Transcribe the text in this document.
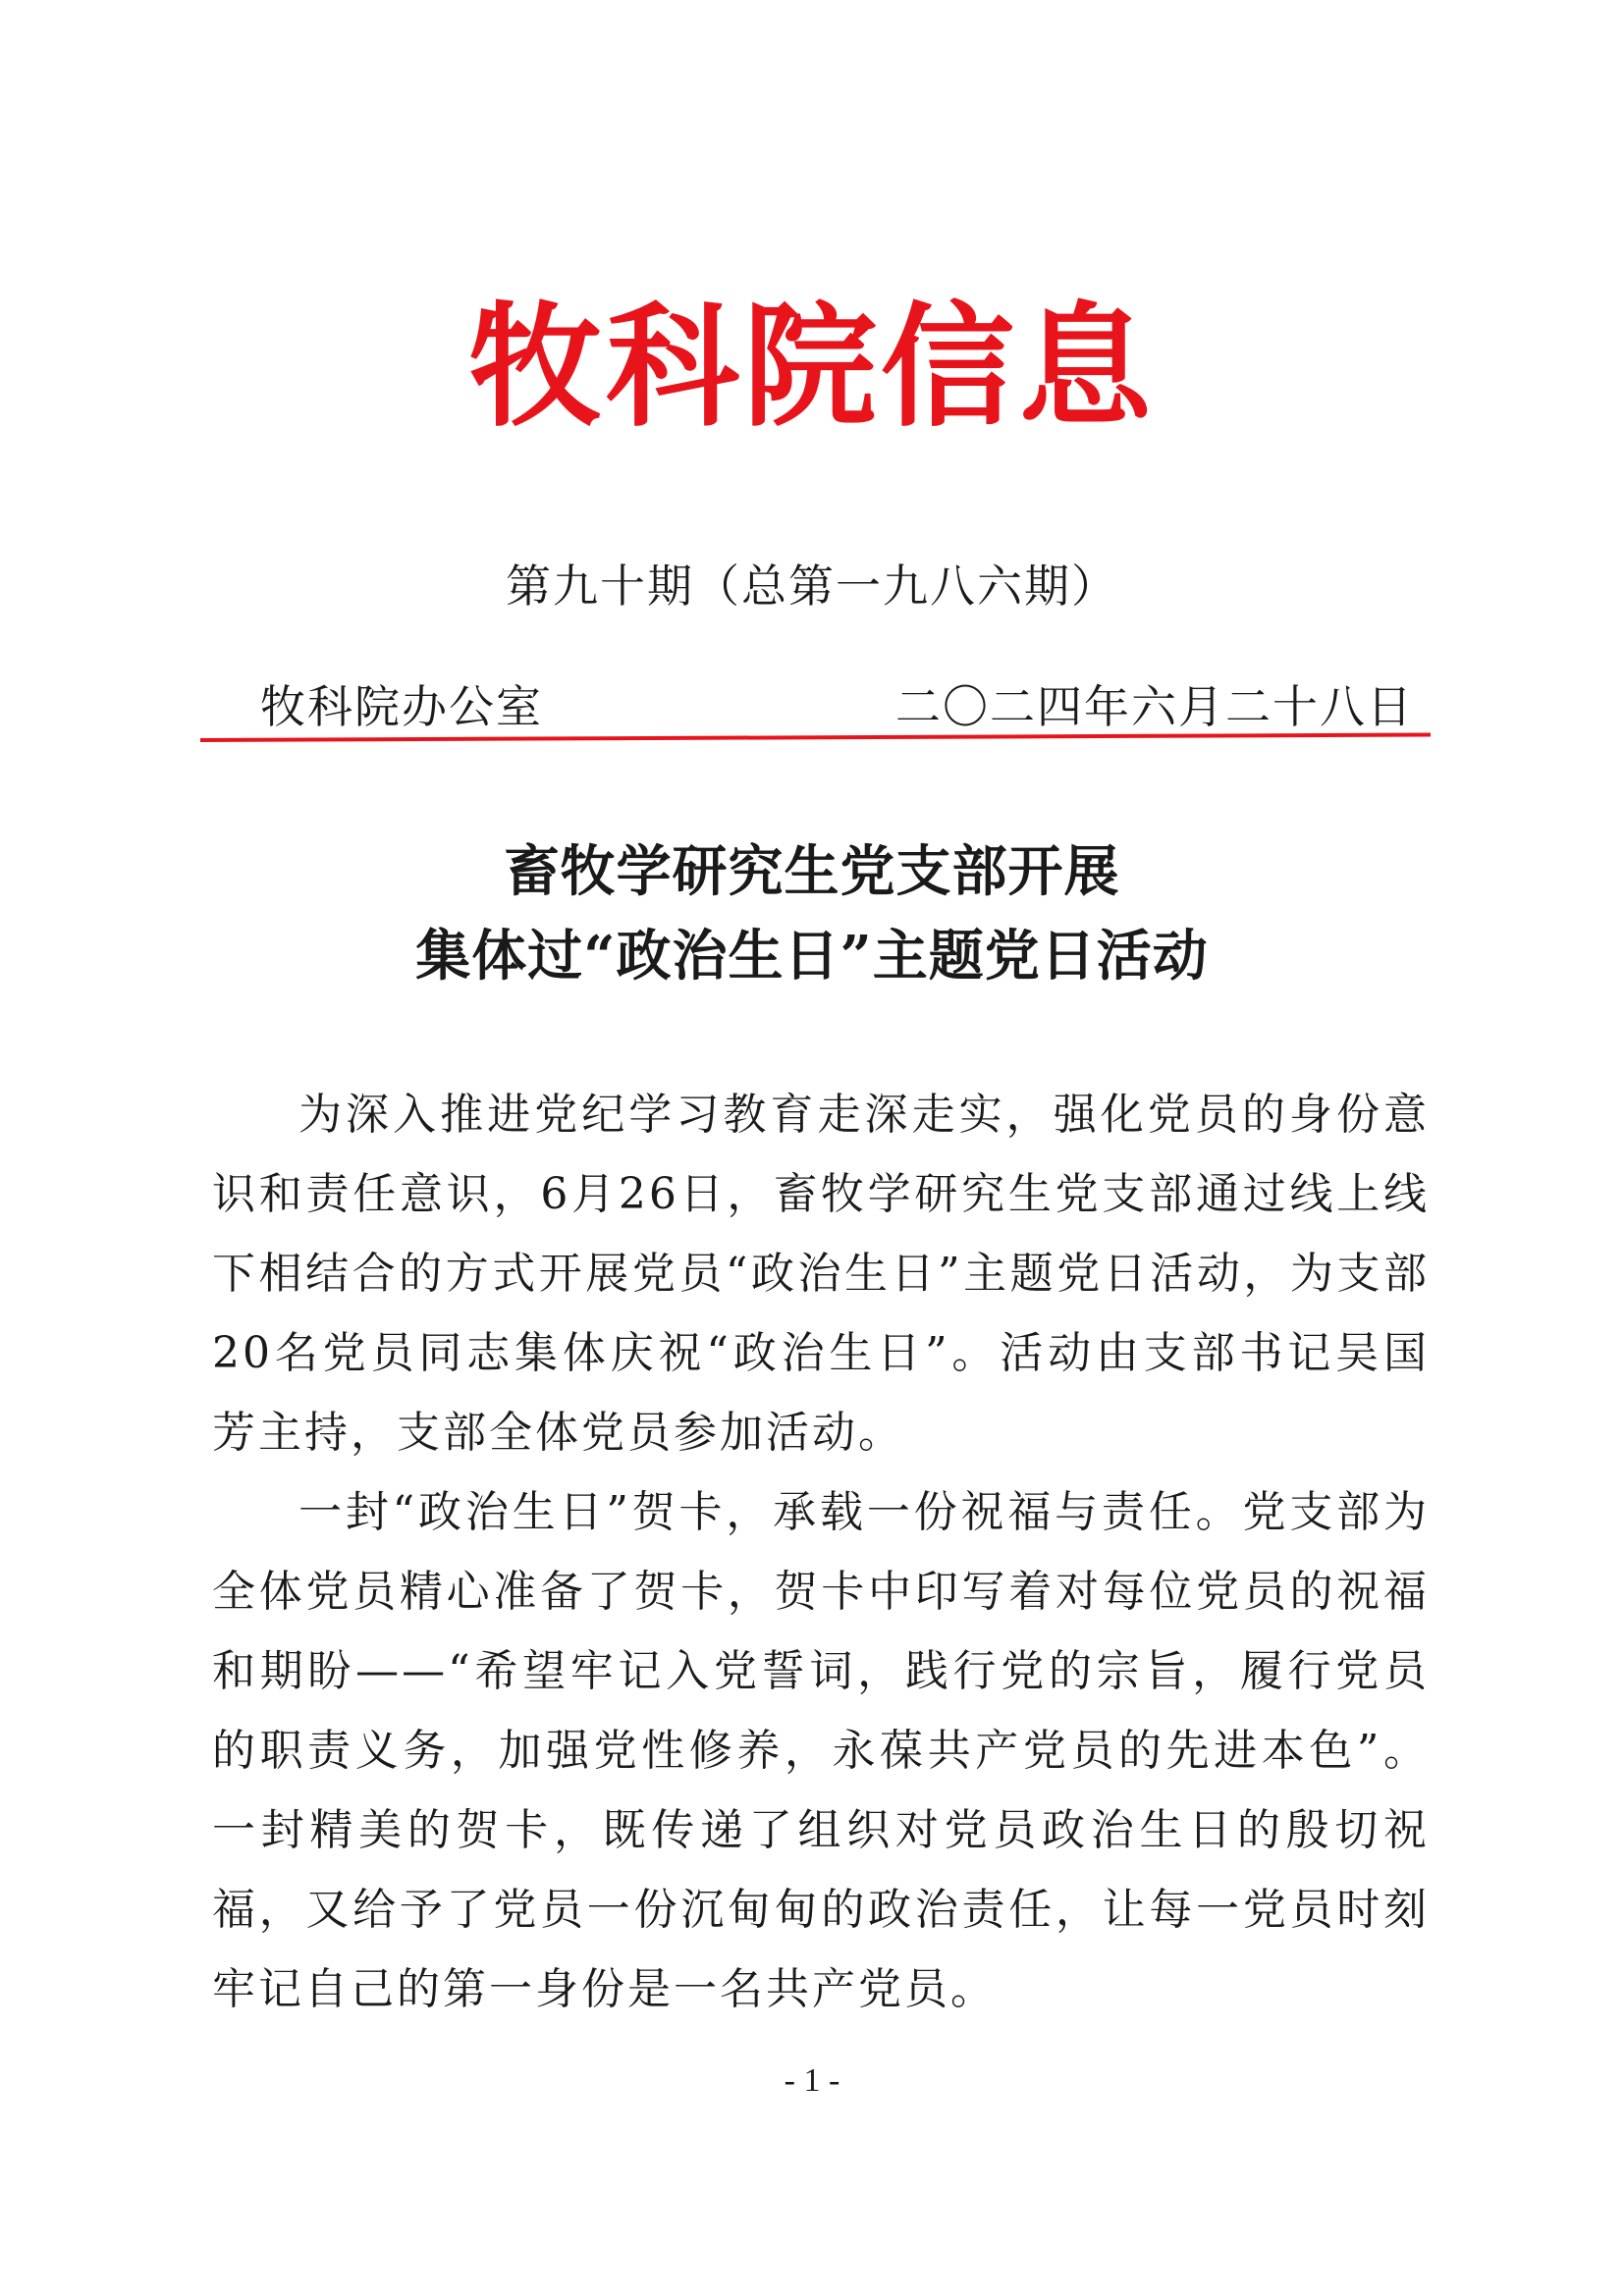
牧科院信息
第九十期（总第一九八六期）
牧科院办公室	二〇二四年六月二十八日
畜牧学研究生党支部开展
集体过“政治生日”主题党日活动

为深入推进党纪学习教育走深走实，强化党员的身份意识和责任意识，6月26日，畜牧学研究生党支部通过线上线下相结合的方式开展党员“政治生日”主题党日活动，为支部20名党员同志集体庆祝“政治生日”。活动由支部书记吴国芳主持，支部全体党员参加活动。

一封“政治生日”贺卡，承载一份祝福与责任。党支部为全体党员精心准备了贺卡，贺卡中印写着对每位党员的祝福和期盼——“希望牢记入党誓词，践行党的宗旨，履行党员的职责义务，加强党性修养，永葆共产党员的先进本色”。一封精美的贺卡，既传递了组织对党员政治生日的殷切祝福，又给予了党员一份沉甸甸的政治责任，让每一党员时刻牢记自己的第一身份是一名共产党员。

- 1 -
